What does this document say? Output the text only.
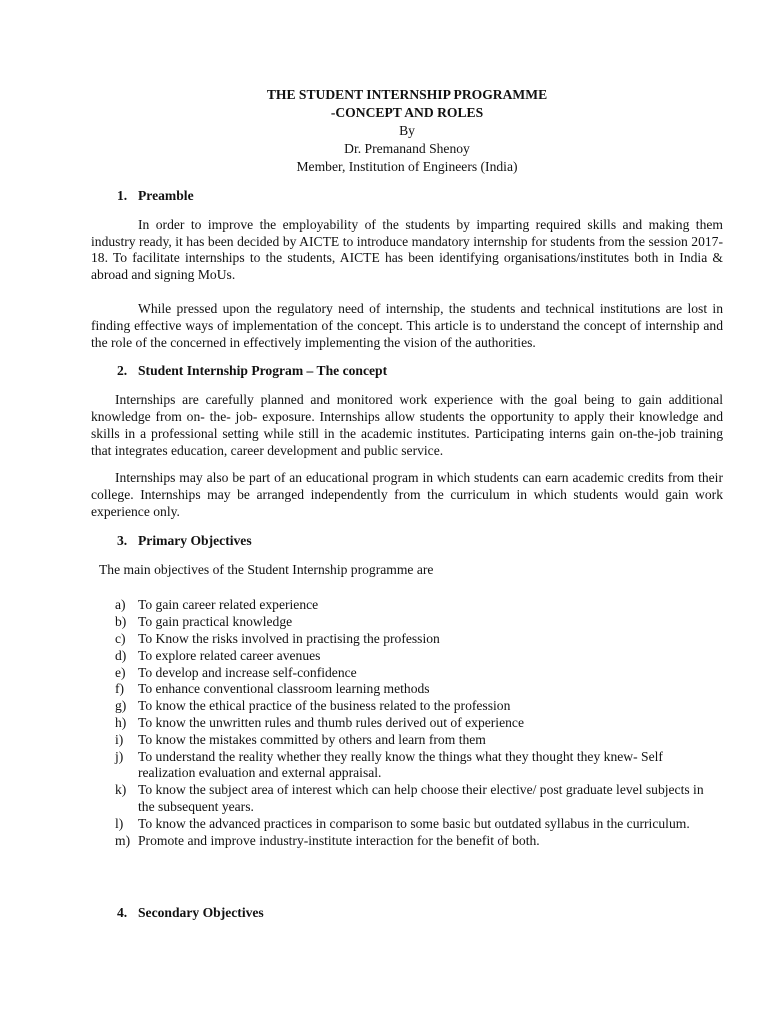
THE STUDENT INTERNSHIP PROGRAMME
-CONCEPT AND ROLES
By
Dr. Premanand Shenoy
Member, Institution of Engineers (India)
1. Preamble

In order to improve the employability of the students by imparting required skills and making them industry ready, it has been decided by AICTE to introduce mandatory internship for students from the session 2017-18. To facilitate internships to the students, AICTE has been identifying organisations/institutes both in India & abroad and signing MoUs.

While pressed upon the regulatory need of internship, the students and technical institutions are lost in finding effective ways of implementation of the concept. This article is to understand the concept of internship and the role of the concerned in effectively implementing the vision of the authorities.

2. Student Internship Program – The concept

Internships are carefully planned and monitored work experience with the goal being to gain additional knowledge from on- the- job- exposure. Internships allow students the opportunity to apply their knowledge and skills in a professional setting while still in the academic institutes. Participating interns gain on-the-job training that integrates education, career development and public service.

Internships may also be part of an educational program in which students can earn academic credits from their college. Internships may be arranged independently from the curriculum in which students would gain work experience only.

3. Primary Objectives

The main objectives of the Student Internship programme are

a) To gain career related experience
b) To gain practical knowledge
c) To Know the risks involved in practising the profession
d) To explore related career avenues
e) To develop and increase self-confidence
f) To enhance conventional classroom learning methods
g) To know the ethical practice of the business related to the profession
h) To know the unwritten rules and thumb rules derived out of experience
i) To know the mistakes committed by others and learn from them
j) To understand the reality whether they really know the things what they thought they knew- Self realization evaluation and external appraisal.
k) To know the subject area of interest which can help choose their elective/ post graduate level subjects in the subsequent years.
l) To know the advanced practices in comparison to some basic but outdated syllabus in the curriculum.
m) Promote and improve industry-institute interaction for the benefit of both.
4. Secondary Objectives
